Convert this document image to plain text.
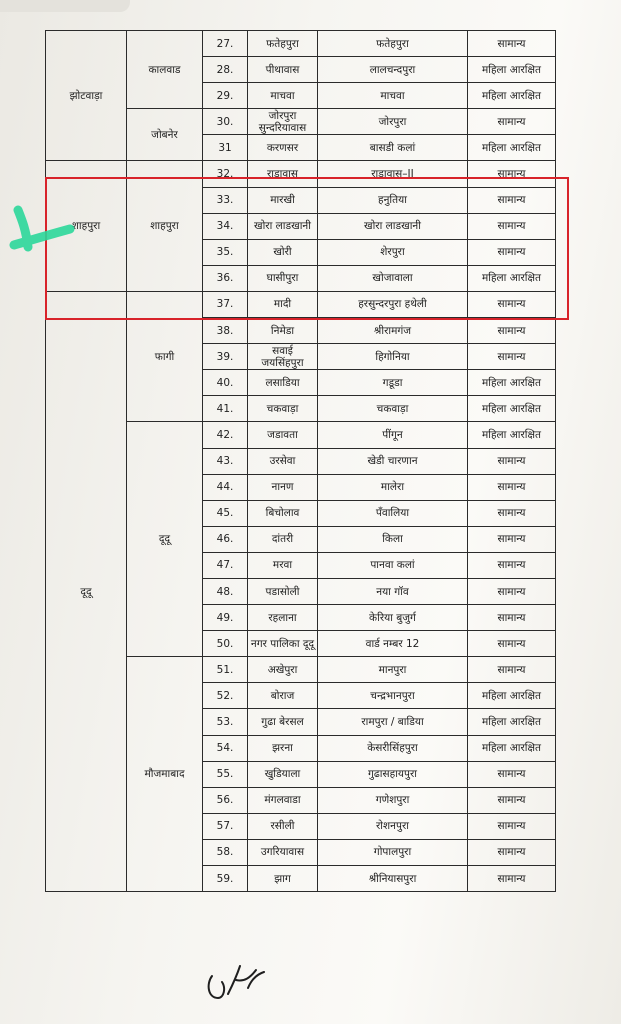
झोटवाड़ा	कालवाड	27.	फतेहपुरा	फतेहपुरा	सामान्य
		28.	पीथावास	लालचन्दपुरा	महिला आरक्षित
		29.	माचवा	माचवा	महिला आरक्षित
	जोबनेर	30.	जोरपुरा सुन्दरियावास	जोरपुरा	सामान्य
		31	करणसर	बासडी कलां	महिला आरक्षित
शाहपुरा	शाहपुरा	32.	राडावास	राडावास–II	सामान्य
		33.	मारखी	हनुतिया	सामान्य
		34.	खोरा लाडखानी	खोरा लाडखानी	सामान्य
		35.	खोरी	शेरपुरा	सामान्य
		36.	घासीपुरा	खोजावाला	महिला आरक्षित
दूदू	फागी	37.	मादी	हरसुन्दरपुरा हथेली	सामान्य
		38.	निमेडा	श्रीरामगंज	सामान्य
		39.	सवाई जयसिंहपुरा	हिगोनिया	सामान्य
		40.	लसाडिया	गडूडा	महिला आरक्षित
		41.	चकवाड़ा	चकवाड़ा	महिला आरक्षित
	दूदू	42.	जडावता	पींगून	महिला आरक्षित
		43.	उरसेवा	खेडी चारणान	सामान्य
		44.	नानण	मालेरा	सामान्य
		45.	बिचोलाव	पँवालिया	सामान्य
		46.	दांतरी	किला	सामान्य
		47.	मरवा	पानवा कलां	सामान्य
		48.	पडासोली	नया गॉव	सामान्य
		49.	रहलाना	केरिया बुजुर्ग	सामान्य
		50.	नगर पालिका दूदू	वार्ड नम्बर 12	सामान्य
	मौजमाबाद	51.	अखेपुरा	मानपुरा	सामान्य
		52.	बोराज	चन्द्रभानपुरा	महिला आरक्षित
		53.	गुढा बेरसल	रामपुरा / बाडिया	महिला आरक्षित
		54.	झरना	केसरीसिंहपुरा	महिला आरक्षित
		55.	खुडियाला	गुढासहायपुरा	सामान्य
		56.	मंगलवाडा	गणेशपुरा	सामान्य
		57.	रसीली	रोशनपुरा	सामान्य
		58.	उगरियावास	गोपालपुरा	सामान्य
		59.	झाग	श्रीनियासपुरा	सामान्य
